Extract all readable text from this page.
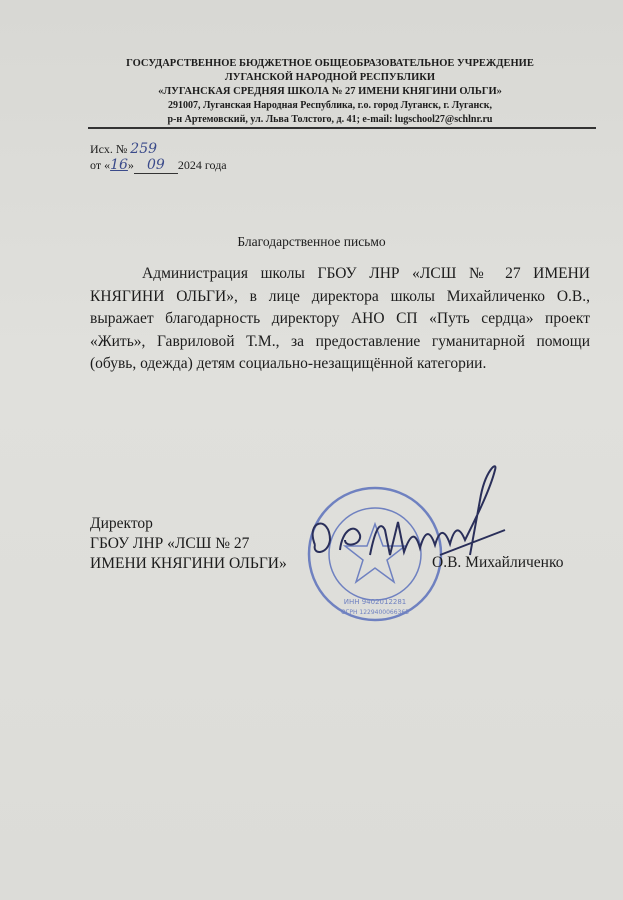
ГОСУДАРСТВЕННОЕ БЮДЖЕТНОЕ ОБЩЕОБРАЗОВАТЕЛЬНОЕ УЧРЕЖДЕНИЕ
ЛУГАНСКОЙ НАРОДНОЙ РЕСПУБЛИКИ
«ЛУГАНСКАЯ СРЕДНЯЯ ШКОЛА № 27 ИМЕНИ КНЯГИНИ ОЛЬГИ»
291007, Луганская Народная Республика, г.о. город Луганск, г. Луганск,
р-н Артемовский, ул. Льва Толстого, д. 41; e-mail: lugschool27@schlnr.ru
Исх. № 259
от «16» 09 2024 года
Благодарственное письмо
Администрация школы ГБОУ ЛНР «ЛСШ № 27 ИМЕНИ КНЯГИНИ ОЛЬГИ», в лице директора школы Михайличенко О.В., выражает благодарность директору АНО СП «Путь сердца» проект «Жить», Гавриловой Т.М., за предоставление гуманитарной помощи (обувь, одежда) детям социально-незащищённой категории.
Директор
ГБОУ ЛНР «ЛСШ № 27
ИМЕНИ КНЯГИНИ ОЛЬГИ»
ИНН 9402012281
ОГРН 1229400066365
О.В. Михайличенко
